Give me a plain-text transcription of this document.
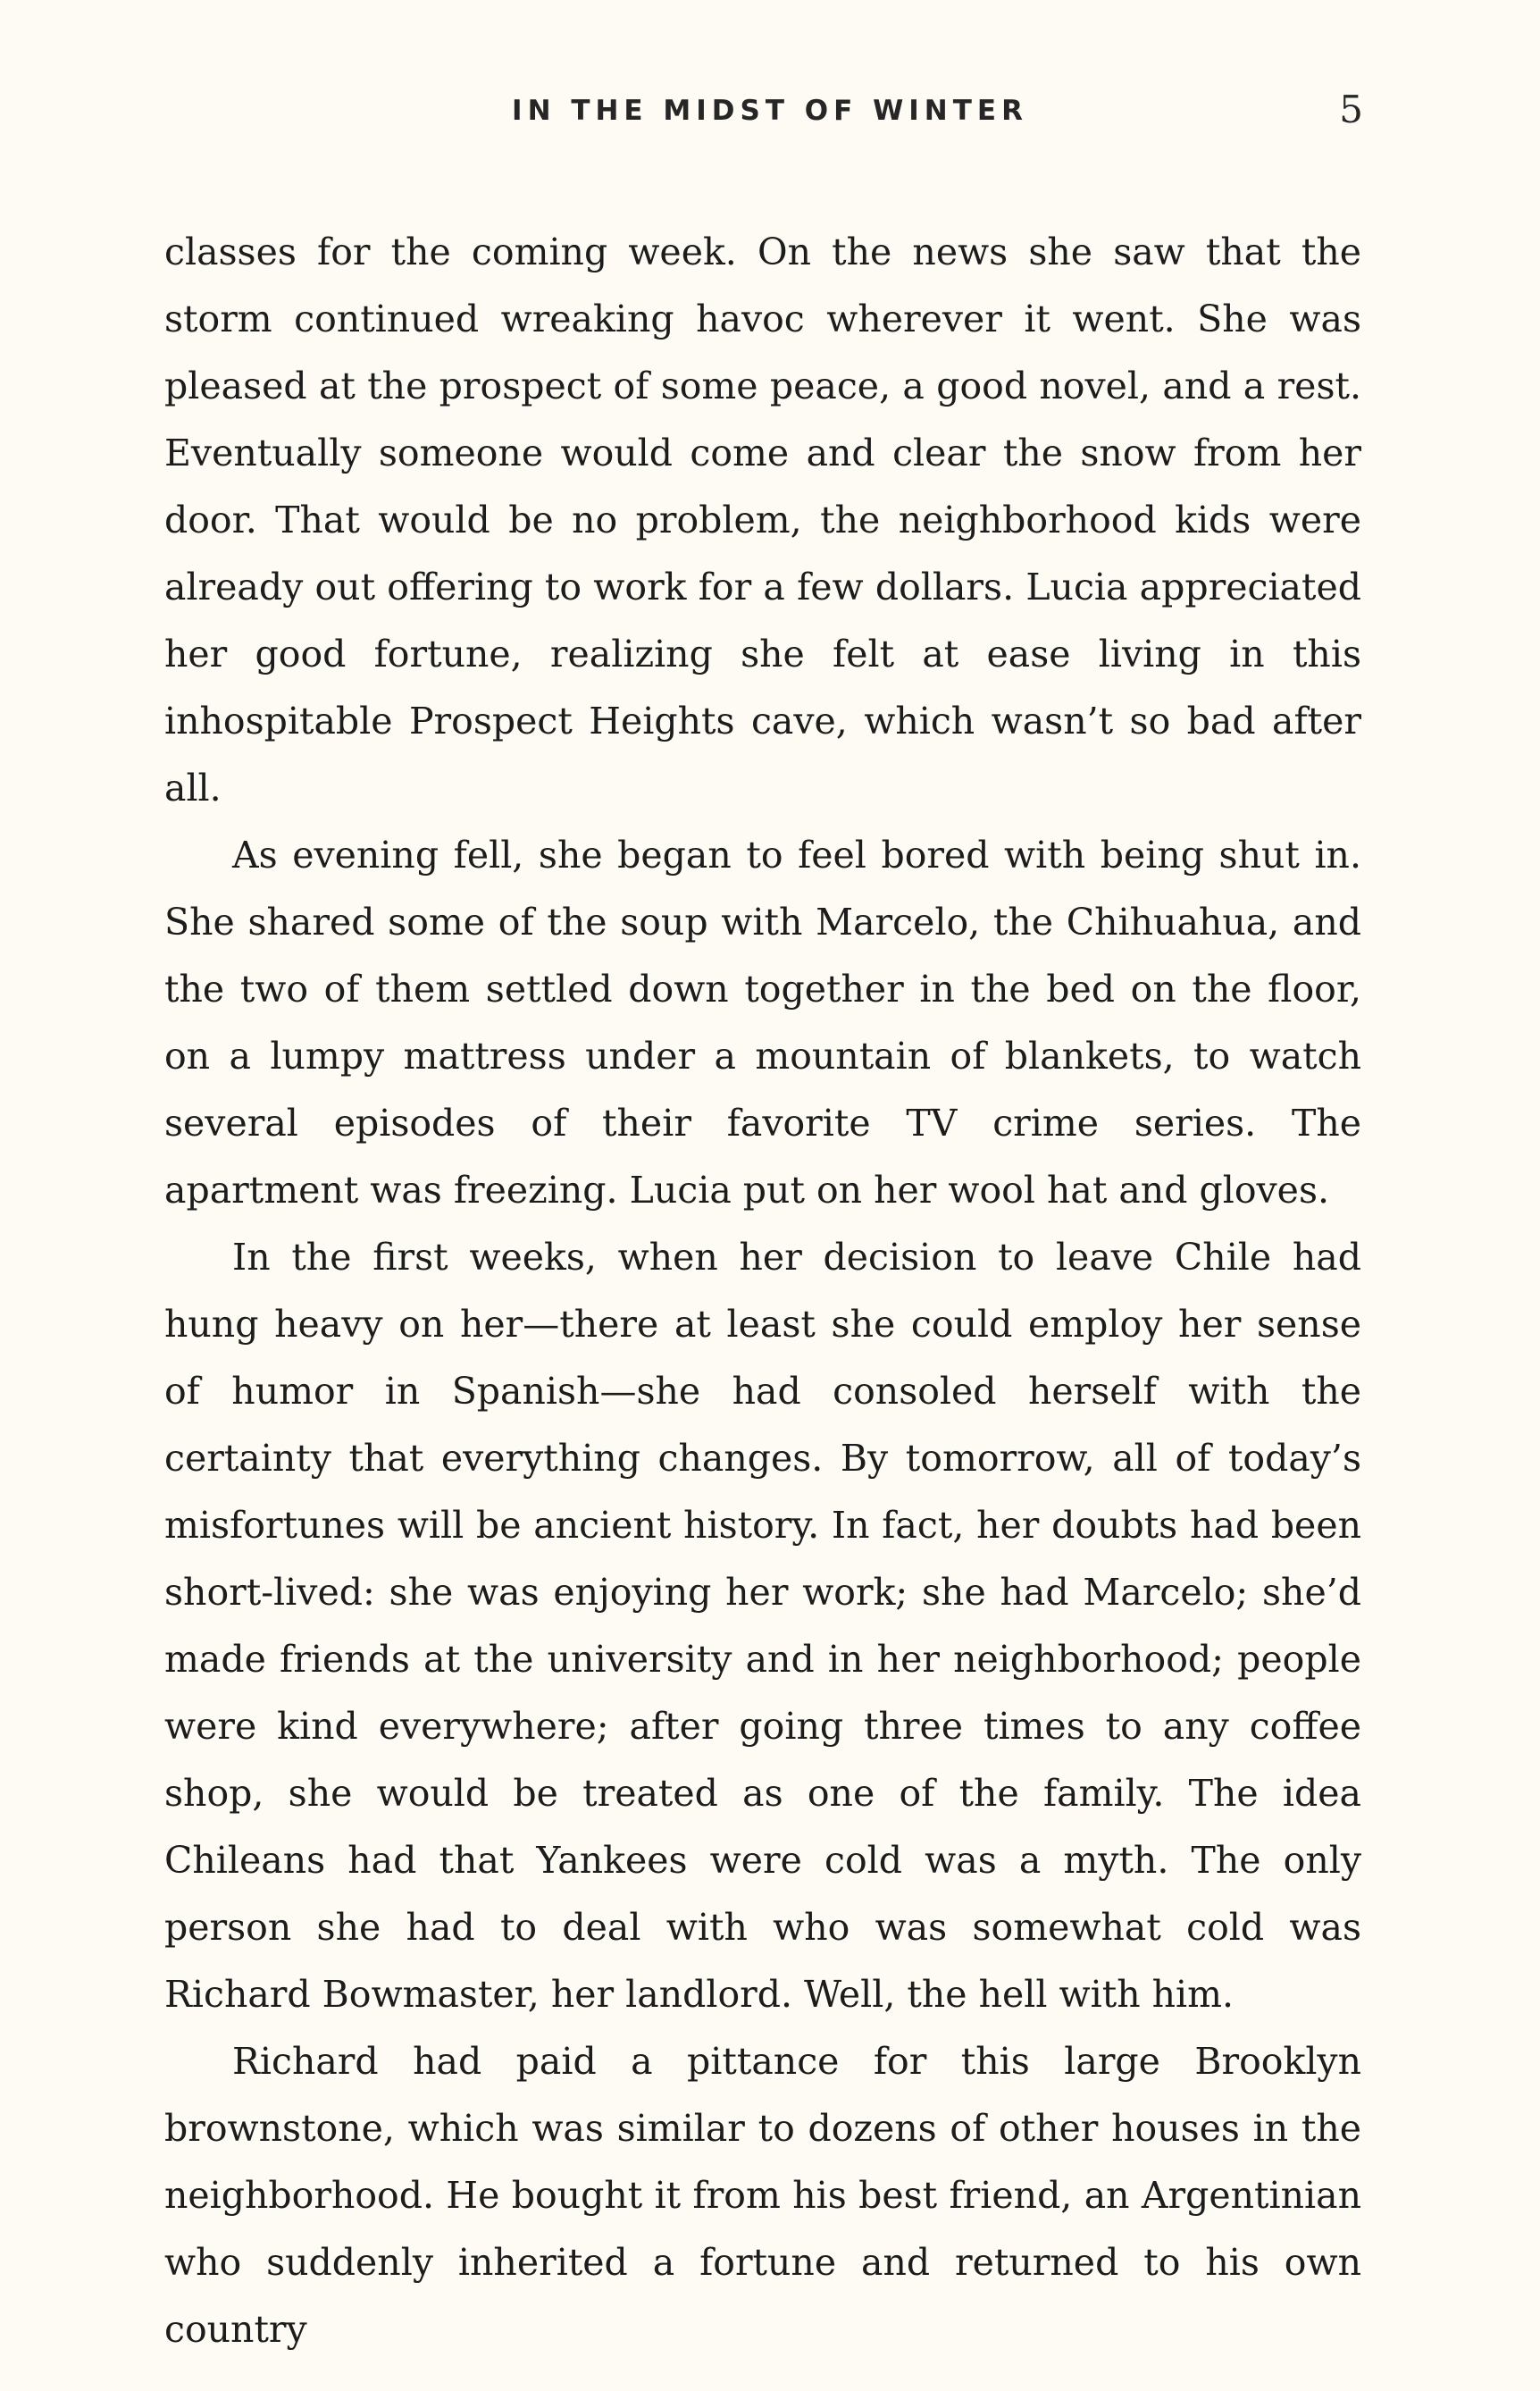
IN THE MIDST OF WINTER	5

classes for the coming week. On the news she saw that the storm continued wreaking havoc wherever it went. She was pleased at the prospect of some peace, a good novel, and a rest. Eventually someone would come and clear the snow from her door. That would be no problem, the neighborhood kids were already out offering to work for a few dollars. Lucia appreciated her good fortune, realizing she felt at ease living in this inhospitable Prospect Heights cave, which wasn’t so bad after all.

As evening fell, she began to feel bored with being shut in. She shared some of the soup with Marcelo, the Chihuahua, and the two of them settled down together in the bed on the floor, on a lumpy mattress under a mountain of blankets, to watch several episodes of their favorite TV crime series. The apartment was freezing. Lucia put on her wool hat and gloves.

In the first weeks, when her decision to leave Chile had hung heavy on her—there at least she could employ her sense of humor in Spanish—she had consoled herself with the certainty that everything changes. By tomorrow, all of today’s misfortunes will be ancient history. In fact, her doubts had been short-lived: she was enjoying her work; she had Marcelo; she’d made friends at the university and in her neighborhood; people were kind everywhere; after going three times to any coffee shop, she would be treated as one of the family. The idea Chileans had that Yankees were cold was a myth. The only person she had to deal with who was somewhat cold was Richard Bowmaster, her landlord. Well, the hell with him.

Richard had paid a pittance for this large Brooklyn brownstone, which was similar to dozens of other houses in the neighborhood. He bought it from his best friend, an Argentinian who suddenly inherited a fortune and returned to his own country
